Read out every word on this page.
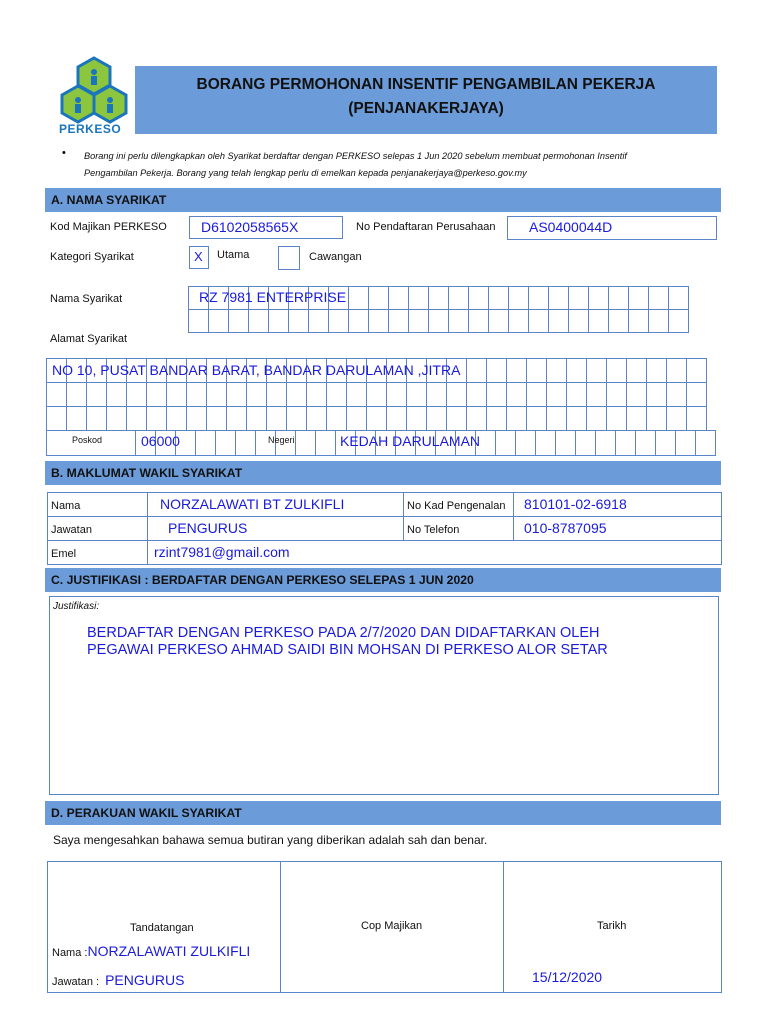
PERKESO
BORANG PERMOHONAN INSENTIF PENGAMBILAN PEKERJA
(PENJANAKERJAYA)
• Borang ini perlu dilengkapkan oleh Syarikat berdaftar dengan PERKESO selepas 1 Jun 2020 sebelum membuat permohonan Insentif
Pengambilan Pekerja. Borang yang telah lengkap perlu di emelkan kepada penjanakerjaya@perkeso.gov.my
A. NAMA SYARIKAT
Kod Majikan PERKESO D6102058565X	No Pendaftaran Perusahaan AS0400044D
Kategori Syarikat	X Utama	Cawangan
Nama Syarikat	RZ 7981 ENTERPRISE
Alamat Syarikat
NO 10, PUSAT BANDAR BARAT, BANDAR DARULAMAN ,JITRA
Poskod	06000	Negeri	KEDAH DARULAMAN
B. MAKLUMAT WAKIL SYARIKAT
Nama	NORZALAWATI BT ZULKIFLI	No Kad Pengenalan	810101-02-6918
Jawatan	PENGURUS	No Telefon	010-8787095
Emel	rzint7981@gmail.com		
C. JUSTIFIKASI : BERDAFTAR DENGAN PERKESO SELEPAS 1 JUN 2020
Justifikasi:
BERDAFTAR DENGAN PERKESO PADA 2/7/2020 DAN DIDAFTARKAN OLEH
PEGAWAI PERKESO AHMAD SAIDI BIN MOHSAN DI PERKESO ALOR SETAR
D. PERAKUAN WAKIL SYARIKAT
Saya mengesahkan bahawa semua butiran yang diberikan adalah sah dan benar.
Tandatangan
Nama :NORZALAWATI ZULKIFLI
Jawatan : PENGURUS

Cop Majikan	Tarikh
15/12/2020
